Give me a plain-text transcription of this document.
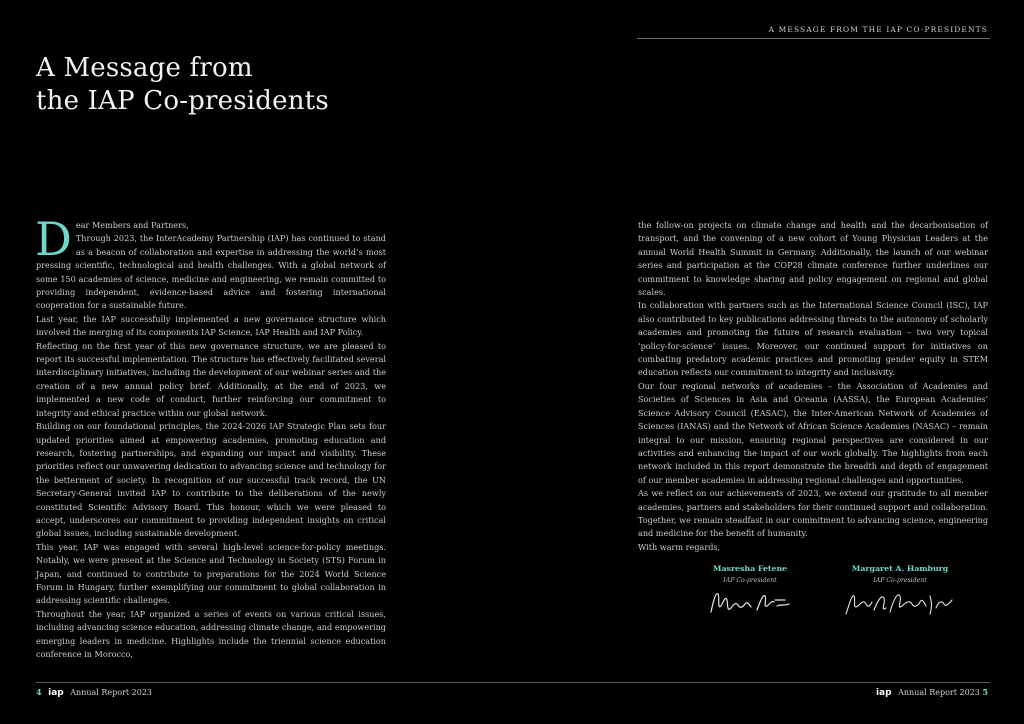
A Message from
the IAP Co-presidents

Dear Members and Partners,

Through 2023, the InterAcademy Partnership (IAP) has continued to stand as a beacon of collaboration and expertise in addressing the world’s most pressing scientific, technological and health challenges. With a global network of some 150 academies of science, medicine and engineering, we remain committed to providing independent, evidence-based advice and fostering international cooperation for a sustainable future.

Last year, the IAP successfully implemented a new governance structure which involved the merging of its components IAP Science, IAP Health and IAP Policy.

Reflecting on the first year of this new governance structure, we are pleased to report its successful implementation. The structure has effectively facilitated several interdisciplinary initiatives, including the development of our webinar series and the creation of a new annual policy brief. Additionally, at the end of 2023, we implemented a new code of conduct, further reinforcing our commitment to integrity and ethical practice within our global network.

Building on our foundational principles, the 2024-2026 IAP Strategic Plan sets four updated priorities aimed at empowering academies, promoting education and research, fostering partnerships, and expanding our impact and visibility. These priorities reflect our unwavering dedication to advancing science and technology for the betterment of society. In recognition of our successful track record, the UN Secretary-General invited IAP to contribute to the deliberations of the newly constituted Scientific Advisory Board. This honour, which we were pleased to accept, underscores our commitment to providing independent insights on critical global issues, including sustainable development.

This year, IAP was engaged with several high-level science-for-policy meetings. Notably, we were present at the Science and Technology in Society (STS) Forum in Japan, and continued to contribute to preparations for the 2024 World Science Forum in Hungary, further exemplifying our commitment to global collaboration in addressing scientific challenges.

Throughout the year, IAP organized a series of events on various critical issues, including advancing science education, addressing climate change, and empowering emerging leaders in medicine. Highlights include the triennial science education conference in Morocco,

4 iap Annual Report 2023
A MESSAGE FROM THE IAP CO-PRESIDENTS

the follow-on projects on climate change and health and the decarbonisation of transport, and the convening of a new cohort of Young Physician Leaders at the annual World Health Summit in Germany. Additionally, the launch of our webinar series and participation at the COP28 climate conference further underlines our commitment to knowledge sharing and policy engagement on regional and global scales.

In collaboration with partners such as the International Science Council (ISC), IAP also contributed to key publications addressing threats to the autonomy of scholarly academies and promoting the future of research evaluation – two very topical ‘policy-for-science’ issues. Moreover, our continued support for initiatives on combating predatory academic practices and promoting gender equity in STEM education reflects our commitment to integrity and inclusivity.

Our four regional networks of academies – the Association of Academies and Societies of Sciences in Asia and Oceania (AASSA), the European Academies’ Science Advisory Council (EASAC), the Inter-American Network of Academies of Sciences (IANAS) and the Network of African Science Academies (NASAC) – remain integral to our mission, ensuring regional perspectives are considered in our activities and enhancing the impact of our work globally. The highlights from each network included in this report demonstrate the breadth and depth of engagement of our member academies in addressing regional challenges and opportunities.

As we reflect on our achievements of 2023, we extend our gratitude to all member academies, partners and stakeholders for their continued support and collaboration. Together, we remain steadfast in our commitment to advancing science, engineering and medicine for the benefit of humanity.

With warm regards,

Masresha Fetene
IAP Co-president
Margaret A. Hamburg
IAP Co-president
iap Annual Report 2023 5
